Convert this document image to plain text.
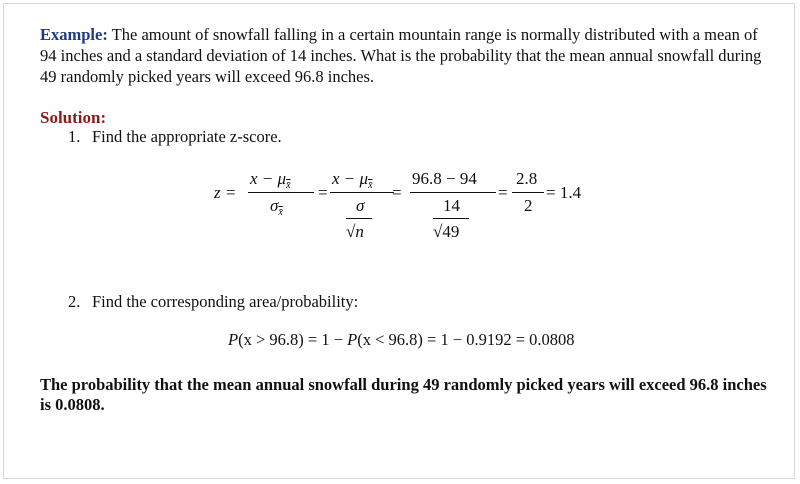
Example: The amount of snowfall falling in a certain mountain range is normally distributed with a mean of 94 inches and a standard deviation of 14 inches. What is the probability that the mean annual snowfall during 49 randomly picked years will exceed 96.8 inches.
Solution:
1. Find the appropriate z-score.
z =
$x - \mu_{x̄}$
$\sigma_{x̄}$
=
$x - \mu_{x̄}$
σ
√n
=
96.8 − 94
14
√49
=
2.8
2
= 1.4
2. Find the corresponding area/probability:
P(x > 96.8) = 1 − P(x < 96.8) = 1 − 0.9192 = 0.0808
The probability that the mean annual snowfall during 49 randomly picked years will exceed 96.8 inches is 0.0808.
